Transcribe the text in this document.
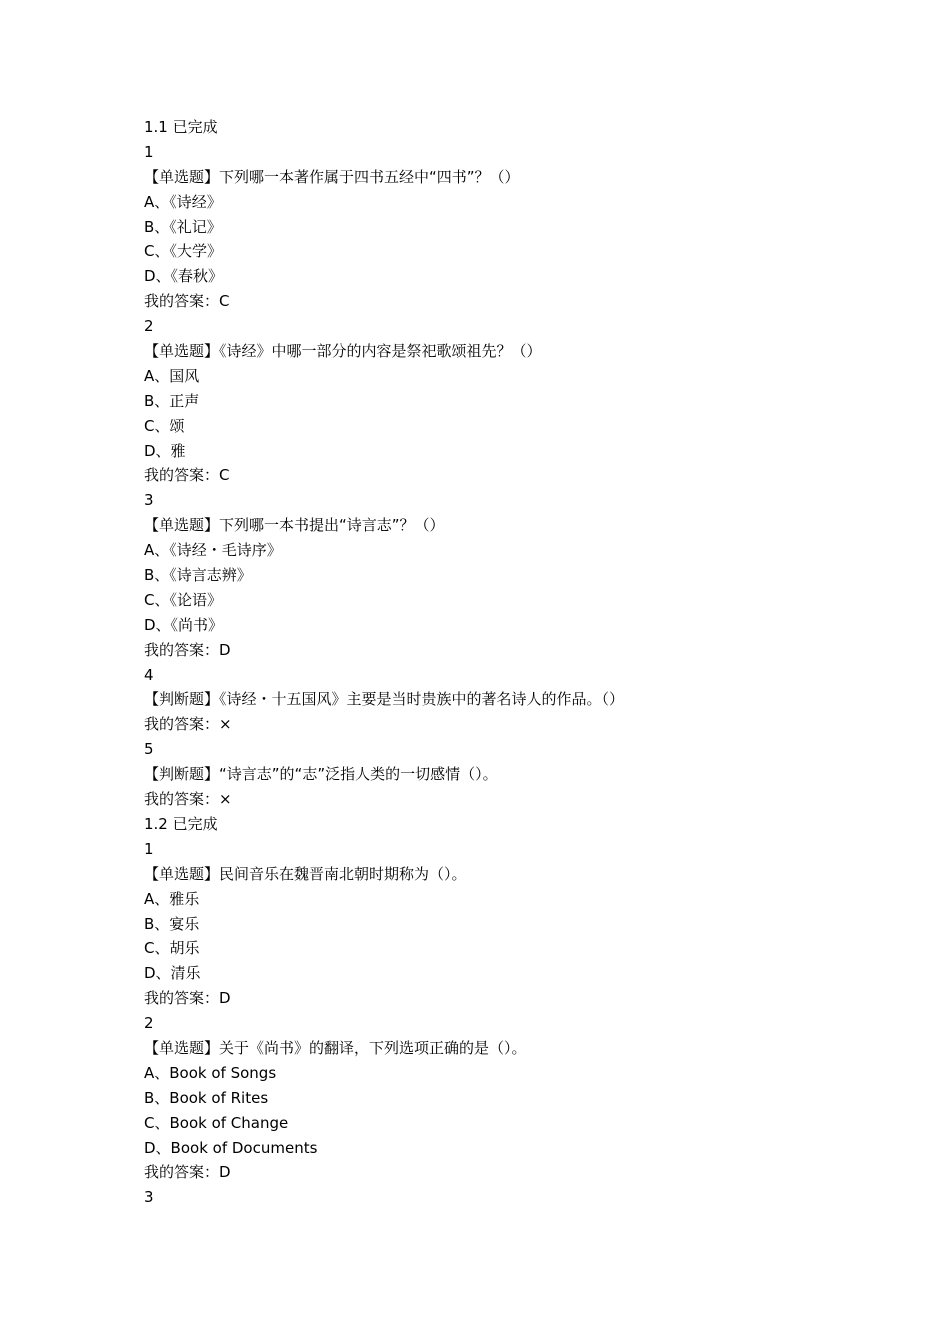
1.1 已完成
1
【单选题】下列哪一本著作属于四书五经中“四书”？（）
A、《诗经》
B、《礼记》
C、《大学》
D、《春秋》
我的答案：C
2
【单选题】《诗经》中哪一部分的内容是祭祀歌颂祖先？（）
A、国风
B、正声
C、颂
D、雅
我的答案：C
3
【单选题】下列哪一本书提出“诗言志”？（）
A、《诗经・毛诗序》
B、《诗言志辨》
C、《论语》
D、《尚书》
我的答案：D
4
【判断题】《诗经・十五国风》主要是当时贵族中的著名诗人的作品。（）
我的答案：×
5
【判断题】“诗言志”的“志”泛指人类的一切感情（）。
我的答案：×
1.2 已完成
1
【单选题】民间音乐在魏晋南北朝时期称为（）。
A、雅乐
B、宴乐
C、胡乐
D、清乐
我的答案：D
2
【单选题】关于《尚书》的翻译，下列选项正确的是（）。
A、Book of Songs
B、Book of Rites
C、Book of Change
D、Book of Documents
我的答案：D
3
